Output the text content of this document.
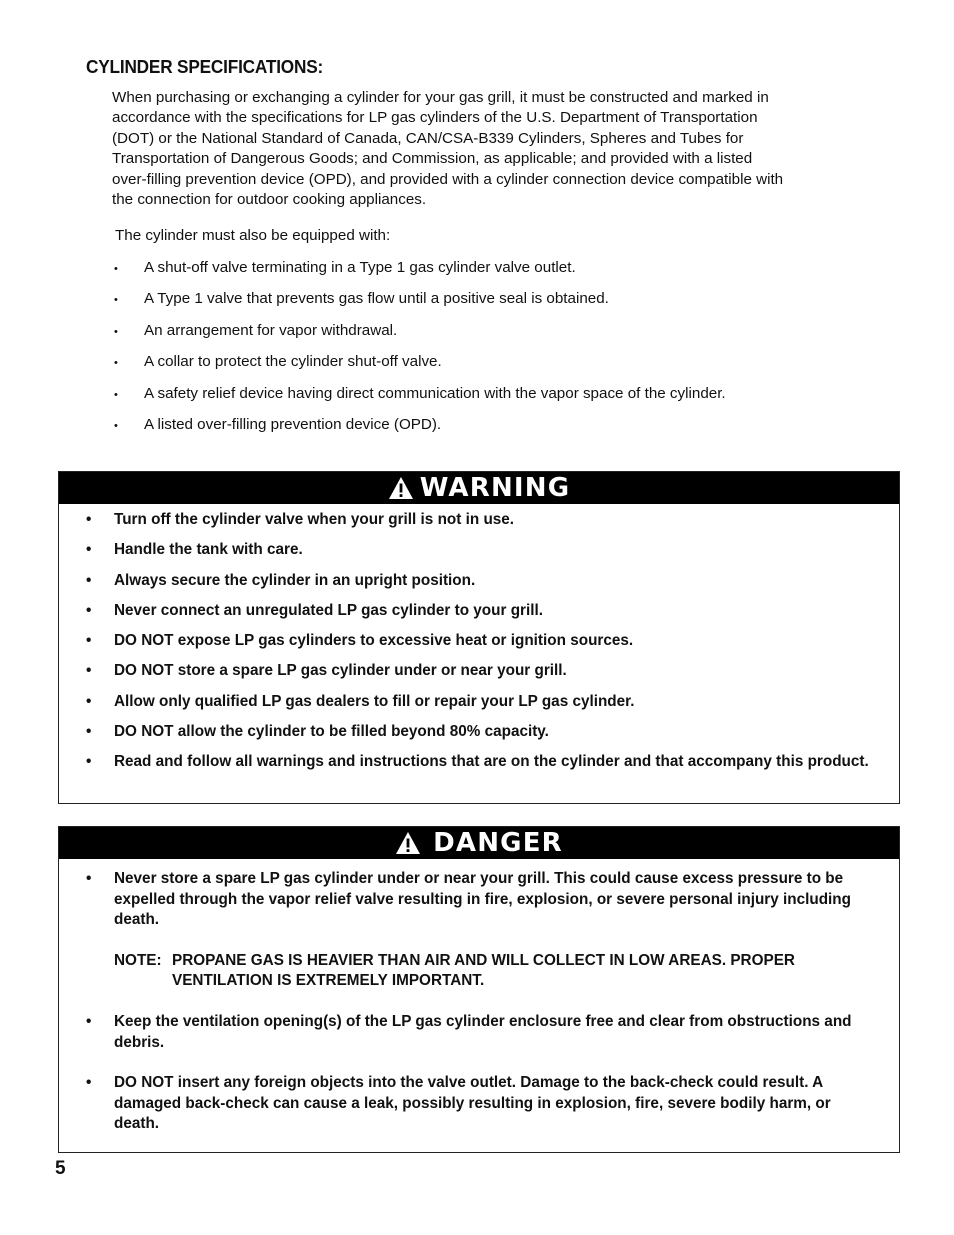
CYLINDER SPECIFICATIONS:
When purchasing or exchanging a cylinder for your gas grill, it must be constructed and marked in
accordance with the specifications for LP gas cylinders of the U.S. Department of Transportation
(DOT) or the National Standard of Canada, CAN/CSA-B339 Cylinders, Spheres and Tubes for
Transportation of Dangerous Goods; and Commission, as applicable; and provided with a listed
over-filling prevention device (OPD), and provided with a cylinder connection device compatible with
the connection for outdoor cooking appliances.
The cylinder must also be equipped with:
• A shut-off valve terminating in a Type 1 gas cylinder valve outlet.
• A Type 1 valve that prevents gas flow until a positive seal is obtained.
• An arrangement for vapor withdrawal.
• A collar to protect the cylinder shut-off valve.
• A safety relief device having direct communication with the vapor space of the cylinder.
• A listed over-filling prevention device (OPD).
WARNING
• Turn off the cylinder valve when your grill is not in use.
• Handle the tank with care.
• Always secure the cylinder in an upright position.
• Never connect an unregulated LP gas cylinder to your grill.
• DO NOT expose LP gas cylinders to excessive heat or ignition sources.
• DO NOT store a spare LP gas cylinder under or near your grill.
• Allow only qualified LP gas dealers to fill or repair your LP gas cylinder.
• DO NOT allow the cylinder to be filled beyond 80% capacity.
• Read and follow all warnings and instructions that are on the cylinder and that accompany this product.
DANGER
• Never store a spare LP gas cylinder under or near your grill. This could cause excess pressure to be expelled through the vapor relief valve resulting in fire, explosion, or severe personal injury including death.
NOTE: PROPANE GAS IS HEAVIER THAN AIR AND WILL COLLECT IN LOW AREAS. PROPER VENTILATION IS EXTREMELY IMPORTANT.
• Keep the ventilation opening(s) of the LP gas cylinder enclosure free and clear from obstructions and debris.
• DO NOT insert any foreign objects into the valve outlet. Damage to the back-check could result. A damaged back-check can cause a leak, possibly resulting in explosion, fire, severe bodily harm, or death.
5
